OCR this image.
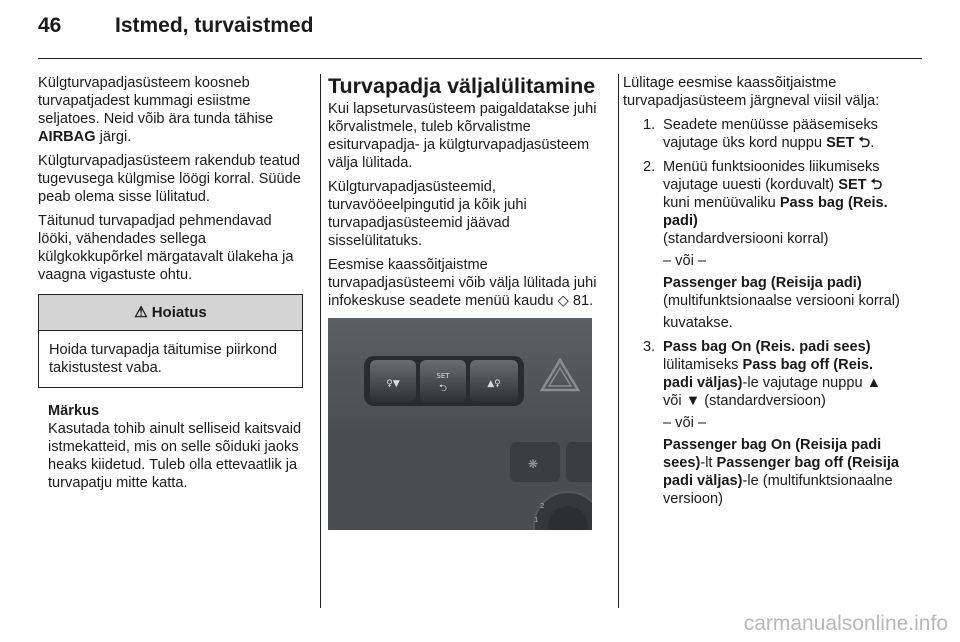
46	Istmed, turvaistmed

Külgturvapadjasüsteem koosneb turvapatjadest kummagi esiistme seljatoes. Neid võib ära tunda tähise AIRBAG järgi.

Külgturvapadjasüsteem rakendub teatud tugevusega külgmise löögi korral. Süüde peab olema sisse lülitatud.

Täitunud turvapadjad pehmendavad lööki, vähendades sellega külgkokkupõrkel märgatavalt ülakeha ja vaagna vigastuste ohtu.

⚠ Hoiatus
Hoida turvapadja täitumise piirkond takistustest vaba.
Märkus
Kasutada tohib ainult selliseid kaitsvaid istmekatteid, mis on selle sõiduki jaoks heaks kiidetud. Tuleb olla ettevaatlik ja turvapatju mitte katta.
Turvapadja väljalülitamine

Kui lapseturvasüsteem paigaldatakse juhi kõrvalistmele, tuleb kõrvalistme esiturvapadja- ja külgturvapadjasüsteem välja lülitada.

Külgturvapadjasüsteemid, turvavööeelpingutid ja kõik juhi turvapadjasüsteemid jäävad sisselülitatuks.

Eesmise kaassõitjaistme turvapadjasüsteemi võib välja lülitada juhi infokeskuse seadete menüü kaudu ◇ 81.

♀▼
SET
⮌	▲♀
❋
1
2

Lülitage eesmise kaassõitjaistme turvapadjasüsteem järgneval viisil välja:

1. Seadete menüüsse pääsemiseks vajutage üks kord nuppu SET ⮌.
2. Menüü funktsioonides liikumiseks vajutage uuesti (korduvalt) SET ⮌ kuni menüüvaliku Pass bag (Reis. padi)
(standardversiooni korral)
– või –
Passenger bag (Reisija padi)
(multifunktsionaalse versiooni korral)
kuvatakse.
3. Pass bag On (Reis. padi sees) lülitamiseks Pass bag off (Reis. padi väljas)-le vajutage nuppu ▲ või ▼ (standardversioon)
– või –
Passenger bag On (Reisija padi sees)-lt Passenger bag off (Reisija padi väljas)-le (multifunktsionaalne versioon)
carmanualsonline.info
